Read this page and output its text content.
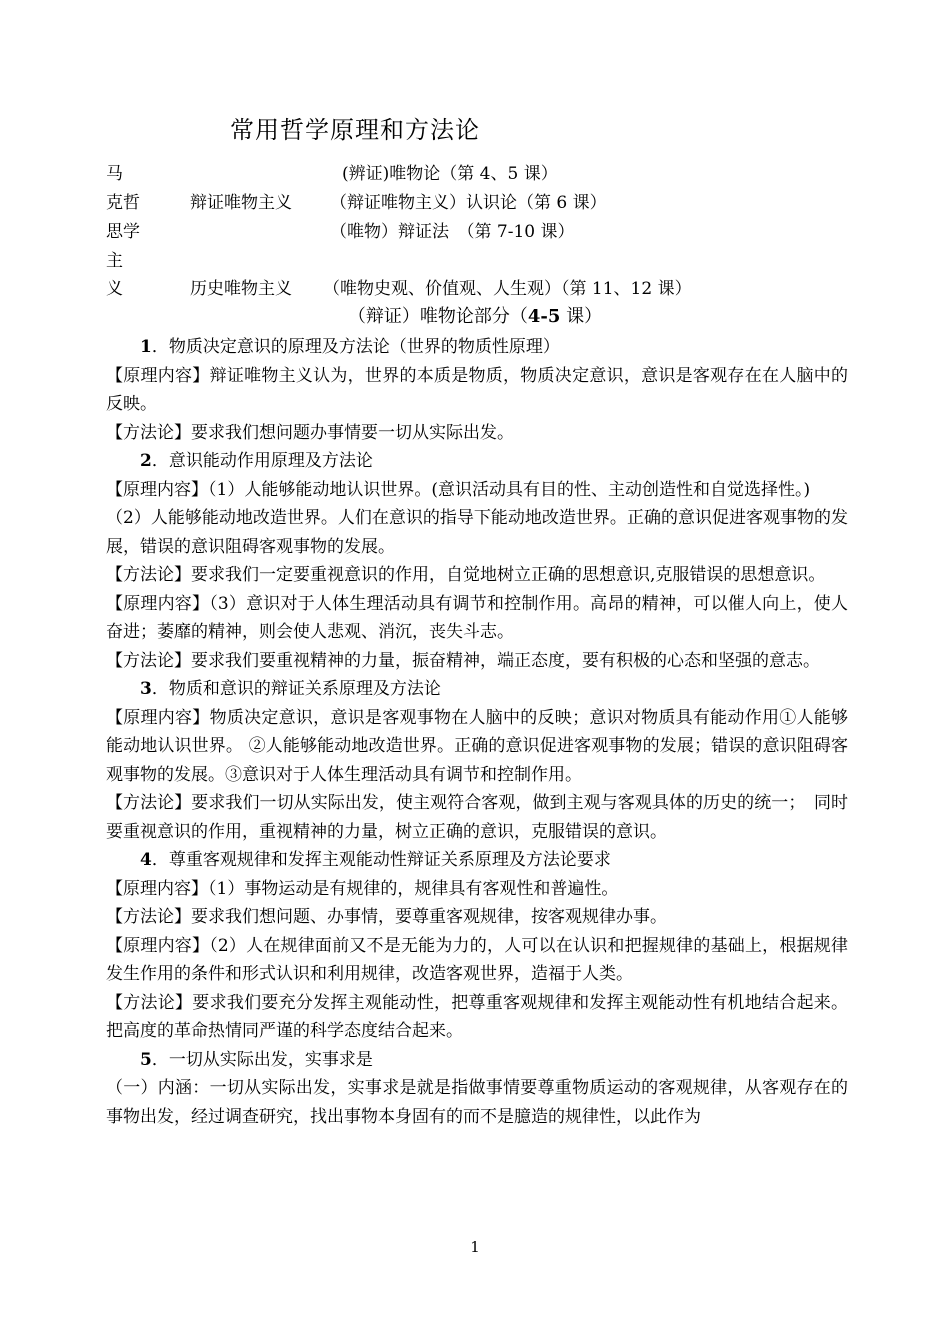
常用哲学原理和方法论
马
克哲
思学
主
义
辩证唯物主义
历史唯物主义
(辨证)唯物论（第 4、5 课）
（辩证唯物主义）认识论（第 6 课）
（唯物）辩证法　（第 7-10 课）
（唯物史观、价值观、人生观）（第 11、12 课）
（辩证）唯物论部分（4-5 课）

1．物质决定意识的原理及方法论（世界的物质性原理）

【原理内容】辩证唯物主义认为，世界的本质是物质，物质决定意识，意识是客观存在在人脑中的反映。

【方法论】要求我们想问题办事情要一切从实际出发。

2．意识能动作用原理及方法论

【原理内容】（1）人能够能动地认识世界。(意识活动具有目的性、主动创造性和自觉选择性。)

（2）人能够能动地改造世界。人们在意识的指导下能动地改造世界。正确的意识促进客观事物的发展，错误的意识阻碍客观事物的发展。

【方法论】要求我们一定要重视意识的作用，自觉地树立正确的思想意识,克服错误的思想意识。

【原理内容】（3）意识对于人体生理活动具有调节和控制作用。高昂的精神，可以催人向上，使人奋进；萎靡的精神，则会使人悲观、消沉，丧失斗志。

【方法论】要求我们要重视精神的力量，振奋精神，端正态度，要有积极的心态和坚强的意志。

3．物质和意识的辩证关系原理及方法论

【原理内容】物质决定意识，意识是客观事物在人脑中的反映；意识对物质具有能动作用①人能够能动地认识世界。 ②人能够能动地改造世界。正确的意识促进客观事物的发展；错误的意识阻碍客观事物的发展。③意识对于人体生理活动具有调节和控制作用。

【方法论】要求我们一切从实际出发，使主观符合客观，做到主观与客观具体的历史的统一；　同时要重视意识的作用，重视精神的力量，树立正确的意识，克服错误的意识。

4．尊重客观规律和发挥主观能动性辩证关系原理及方法论要求

【原理内容】（1）事物运动是有规律的，规律具有客观性和普遍性。

【方法论】要求我们想问题、办事情，要尊重客观规律，按客观规律办事。

【原理内容】（2）人在规律面前又不是无能为力的，人可以在认识和把握规律的基础上，根据规律发生作用的条件和形式认识和利用规律，改造客观世界，造福于人类。

【方法论】要求我们要充分发挥主观能动性，把尊重客观规律和发挥主观能动性有机地结合起来。把高度的革命热情同严谨的科学态度结合起来。

5．一切从实际出发，实事求是

（一）内涵：一切从实际出发，实事求是就是指做事情要尊重物质运动的客观规律，从客观存在的事物出发，经过调查研究，找出事物本身固有的而不是臆造的规律性，以此作为

1
